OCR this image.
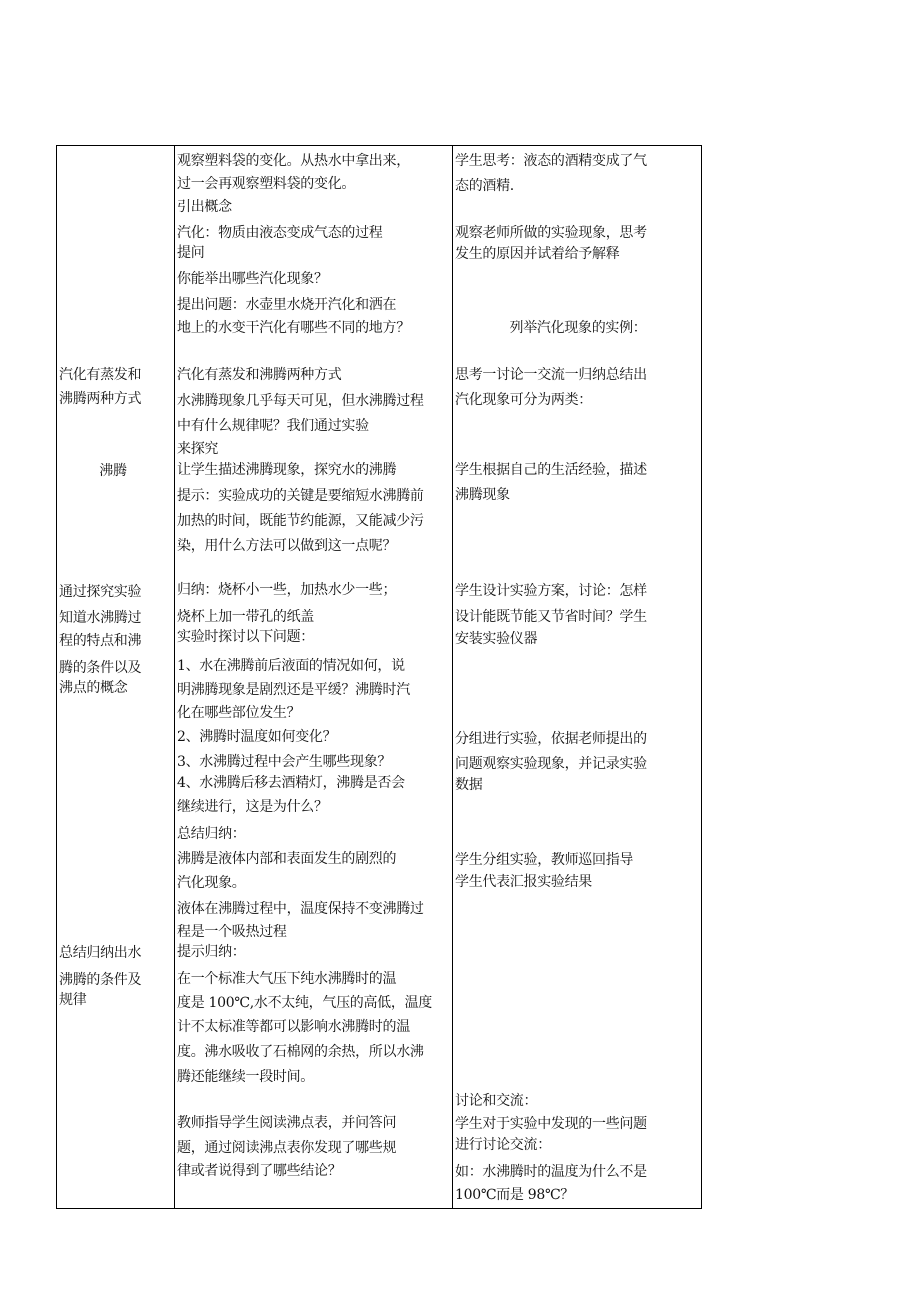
汽化有蒸发和
沸腾两种方式
沸腾
通过探究实验
知道水沸腾过
程的特点和沸
腾的条件以及
沸点的概念
总结归纳出水
沸腾的条件及
规律
观察塑料袋的变化。从热水中拿出来，
过一会再观察塑料袋的变化。
引出概念
汽化：物质由液态变成气态的过程
提问
你能举出哪些汽化现象？
提出问题：水壶里水烧开汽化和洒在
地上的水变干汽化有哪些不同的地方？
汽化有蒸发和沸腾两种方式
水沸腾现象几乎每天可见，但水沸腾过程
中有什么规律呢？我们通过实验
来探究
让学生描述沸腾现象，探究水的沸腾
提示：实验成功的关键是要缩短水沸腾前
加热的时间，既能节约能源，又能减少污
染，用什么方法可以做到这一点呢？
归纳：烧杯小一些，加热水少一些；
烧杯上加一带孔的纸盖
实验时探讨以下问题：
1、水在沸腾前后液面的情况如何，说
明沸腾现象是剧烈还是平缓？沸腾时汽
化在哪些部位发生？
2、沸腾时温度如何变化？
3、水沸腾过程中会产生哪些现象？
4、水沸腾后移去酒精灯，沸腾是否会
继续进行，这是为什么？
总结归纳：
沸腾是液体内部和表面发生的剧烈的
汽化现象。
液体在沸腾过程中，温度保持不变沸腾过
程是一个吸热过程
提示归纳：
在一个标准大气压下纯水沸腾时的温
度是 100℃,水不太纯，气压的高低，温度
计不太标准等都可以影响水沸腾时的温
度。沸水吸收了石棉网的余热，所以水沸
腾还能继续一段时间。
教师指导学生阅读沸点表，并问答问
题，通过阅读沸点表你发现了哪些规
律或者说得到了哪些结论？
学生思考：液态的酒精变成了气
态的酒精.
观察老师所做的实验现象，思考
发生的原因并试着给予解释
列举汽化现象的实例：
思考一讨论一交流一归纳总结出
汽化现象可分为两类：
学生根据自己的生活经验，描述
沸腾现象
学生设计实验方案，讨论：怎样
设计能既节能又节省时间？学生
安装实验仪器
分组进行实验，依据老师提出的
问题观察实验现象，并记录实验
数据
学生分组实验，教师巡回指导
学生代表汇报实验结果
讨论和交流：
学生对于实验中发现的一些问题
进行讨论交流：
如：水沸腾时的温度为什么不是
100℃而是 98℃？
